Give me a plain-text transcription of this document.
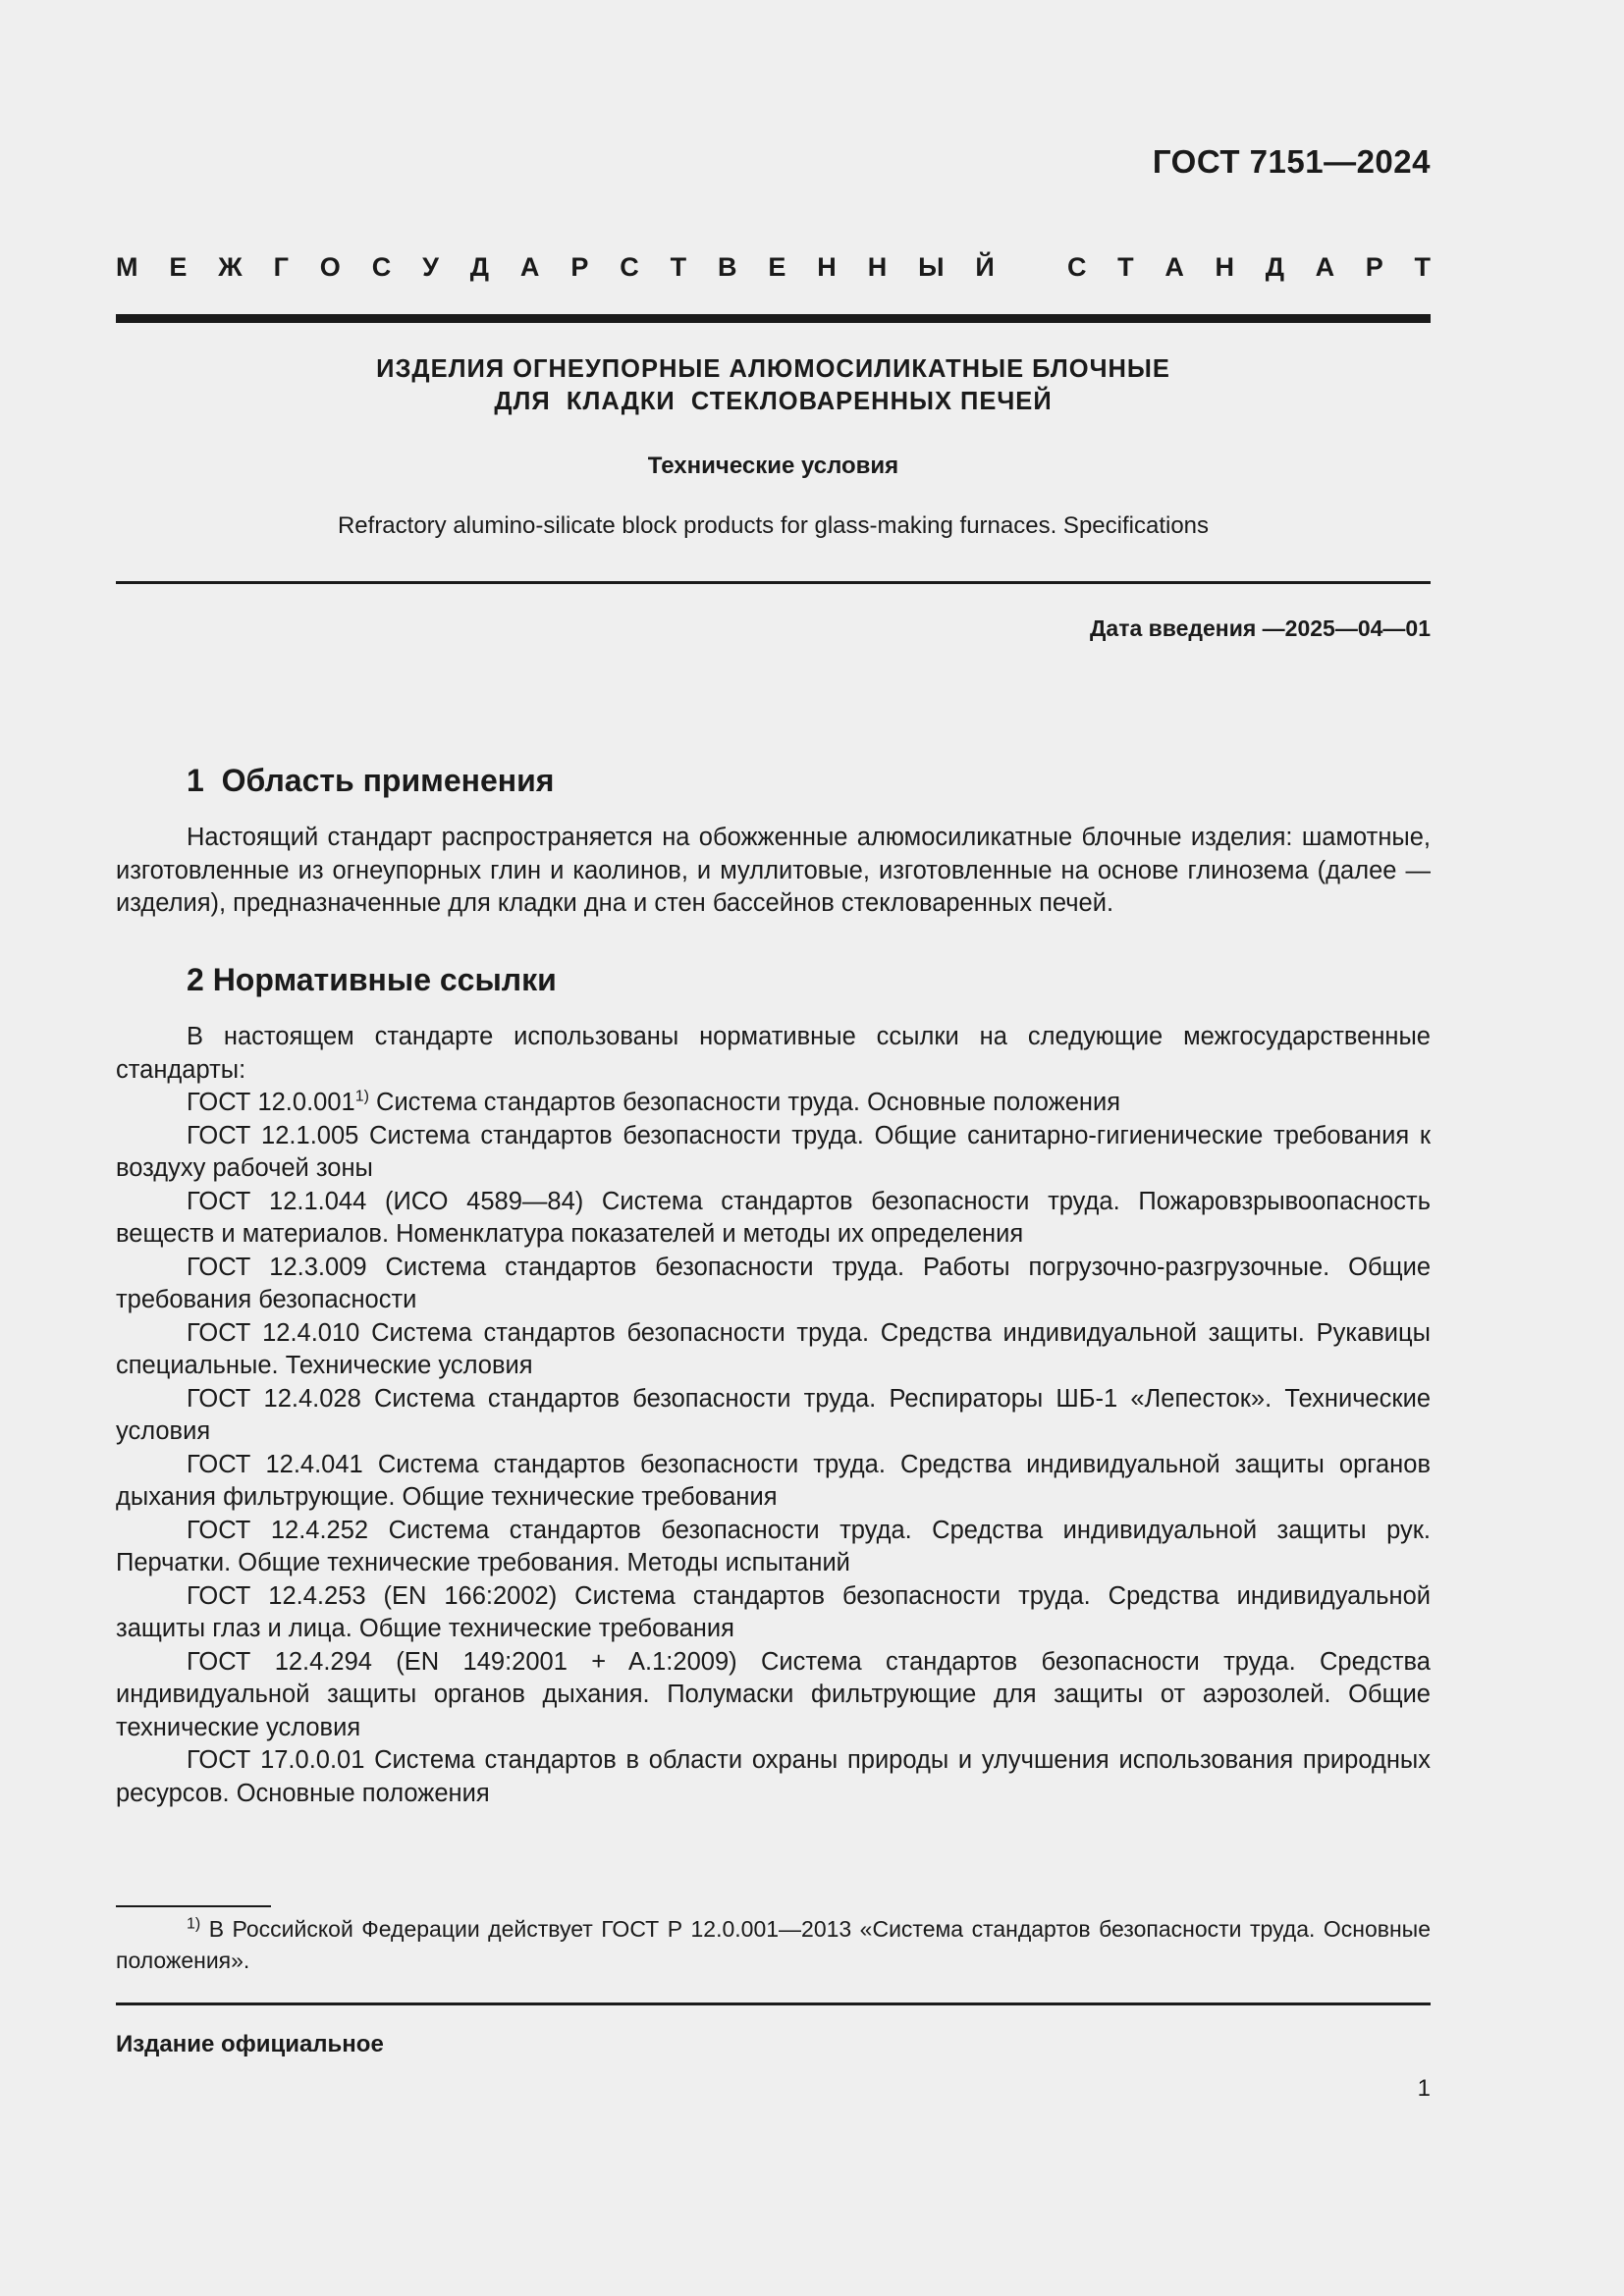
ГОСТ 7151—2024
М Е Ж Г О С У Д А Р С Т В Е Н Н Ы Й	С Т А Н Д А Р Т
ИЗДЕЛИЯ ОГНЕУПОРНЫЕ АЛЮМОСИЛИКАТНЫЕ БЛОЧНЫЕ
ДЛЯ  КЛАДКИ  СТЕКЛОВАРЕННЫХ ПЕЧЕЙ
Технические условия
Refractory alumino-silicate block products for glass-making furnaces. Specifications
Дата введения —2025—04—01
1  Область применения
Настоящий стандарт распространяется на обожженные алюмосиликатные блочные изделия: шамотные, изготовленные из огнеупорных глин и каолинов, и муллитовые, изготовленные на основе глинозема (далее — изделия), предназначенные для кладки дна и стен бассейнов стекловаренных печей.
2 Нормативные ссылки
В настоящем стандарте использованы нормативные ссылки на следующие межгосударственные стандарты:
ГОСТ 12.0.001$^{1)}$ Система стандартов безопасности труда. Основные положения
ГОСТ 12.1.005 Система стандартов безопасности труда. Общие санитарно-гигиенические требования к воздуху рабочей зоны
ГОСТ 12.1.044 (ИСО 4589—84) Система стандартов безопасности труда. Пожаровзрывоопасность веществ и материалов. Номенклатура показателей и методы их определения
ГОСТ 12.3.009 Система стандартов безопасности труда. Работы погрузочно-разгрузочные. Общие требования безопасности
ГОСТ 12.4.010 Система стандартов безопасности труда. Средства индивидуальной защиты. Рукавицы специальные. Технические условия
ГОСТ 12.4.028 Система стандартов безопасности труда. Респираторы ШБ-1 «Лепесток». Технические условия
ГОСТ 12.4.041 Система стандартов безопасности труда. Средства индивидуальной защиты органов дыхания фильтрующие. Общие технические требования
ГОСТ 12.4.252 Система стандартов безопасности труда. Средства индивидуальной защиты рук. Перчатки. Общие технические требования. Методы испытаний
ГОСТ 12.4.253 (EN 166:2002) Система стандартов безопасности труда. Средства индивидуальной защиты глаз и лица. Общие технические требования
ГОСТ 12.4.294 (EN 149:2001 + A.1:2009) Система стандартов безопасности труда. Средства индивидуальной защиты органов дыхания. Полумаски фильтрующие для защиты от аэрозолей. Общие технические условия
ГОСТ 17.0.0.01 Система стандартов в области охраны природы и улучшения использования природных ресурсов. Основные положения
$^{1)}$ В Российской Федерации действует ГОСТ Р 12.0.001—2013 «Система стандартов безопасности труда. Основные положения».
Издание официальное
1
